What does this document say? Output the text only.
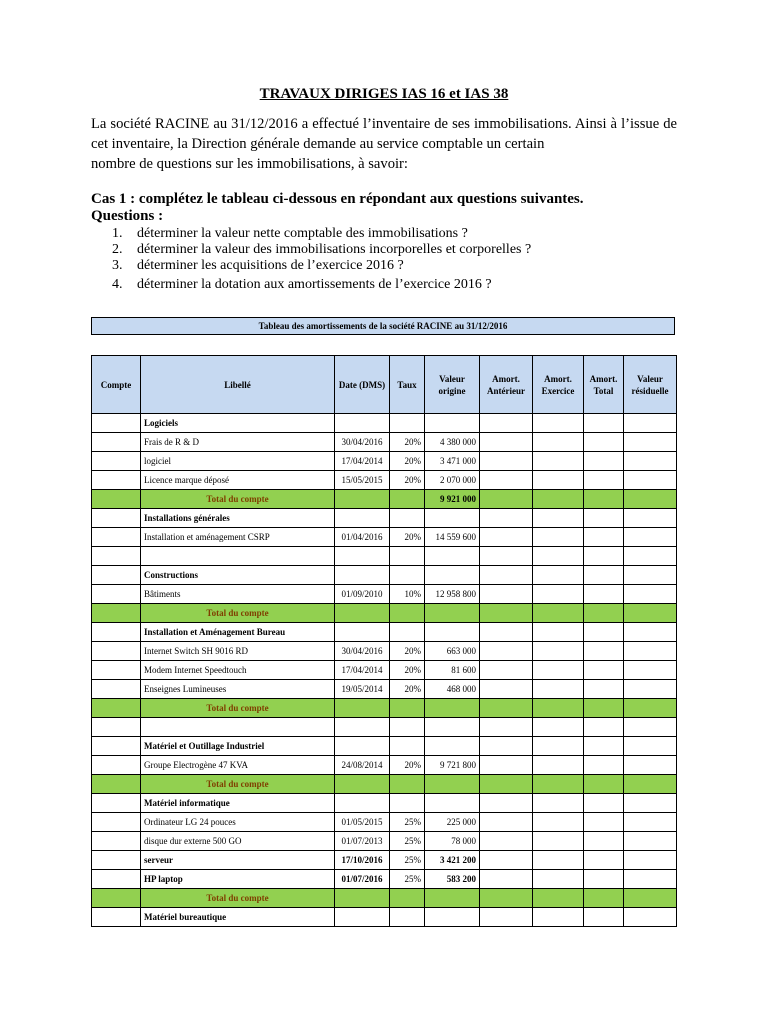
TRAVAUX DIRIGES IAS 16 et IAS 38

La société RACINE au 31/12/2016 a effectué l’inventaire de ses immobilisations. Ainsi à l’issue de cet inventaire, la Direction générale demande au service comptable un certain

nombre de questions sur les immobilisations, à savoir:

Cas 1 : complétez le tableau ci-dessous en répondant aux questions suivantes.
Questions :
1. déterminer la valeur nette comptable des immobilisations ?
2. déterminer la valeur des immobilisations incorporelles et corporelles ?
3. déterminer les acquisitions de l’exercice 2016 ?
4. déterminer la dotation aux amortissements de l’exercice 2016 ?
Tableau des amortissements de la société RACINE au 31/12/2016
Compte	Libellé	Date (DMS)	Taux	Valeur origine	Amort. Antérieur	Amort. Exercice	Amort. Total	Valeur résiduelle
	Logiciels							
	Frais de R & D	30/04/2016	20%	4 380 000				
	logiciel	17/04/2014	20%	3 471 000				
	Licence marque déposé	15/05/2015	20%	2 070 000				
	Total du compte			9 921 000				
	Installations générales							
	Installation et aménagement CSRP	01/04/2016	20%	14 559 600				

	Constructions							
	Bâtiments	01/09/2010	10%	12 958 800				
	Total du compte							
	Installation et Aménagement Bureau							
	Internet Switch SH 9016 RD	30/04/2016	20%	663 000				
	Modem Internet Speedtouch	17/04/2014	20%	81 600				
	Enseignes Lumineuses	19/05/2014	20%	468 000				
	Total du compte							

	Matériel et Outillage Industriel							
	Groupe Electrogène 47 KVA	24/08/2014	20%	9 721 800				
	Total du compte							
	Matériel informatique							
	Ordinateur LG 24 pouces	01/05/2015	25%	225 000				
	disque dur externe 500 GO	01/07/2013	25%	78 000				
	serveur	17/10/2016	25%	3 421 200				
	HP laptop	01/07/2016	25%	583 200				
	Total du compte							
	Matériel bureautique							
